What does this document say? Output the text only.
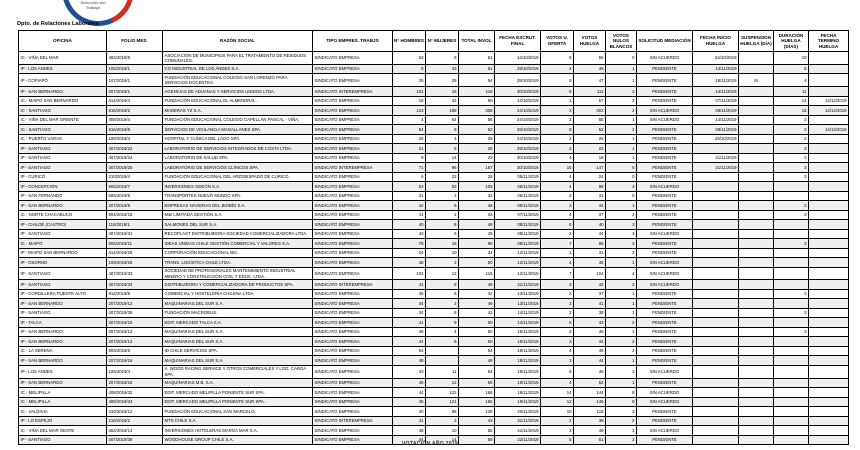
Dirección del
Trabajo
Dpto. de Relaciones Laborales
OFICINA	FOLIO MES.	RAZÓN SOCIAL	TIPO EMPRES. TRABJS	N° HOMBRES	N° MUJERES	TOTAL INVOL	FECHA ESCRUT. FINAL	VOTOS U. OFERTA	VOTOS HUELGA	VOTOS NULOS BLANCOS	SOLICITUD MEDIACIÓN	FECHA INICIO HUELGA	SUSPENSIÓN HUELGA (D/A)	DURACIÓN HUELGA (DÍAS)	FECHA TERMINO HUELGA
IC - VIÑA DEL MAR	402/2019/5	ASOCIACIÓN DE MUNICIPIOS PARA EL TRATAMIENTO DE RESIDUOS COMUNALES.	SINDICATO EMPRESA	53	8	61	14/10/2019	5	56	0	SIN ACUERDO	24/10/2019		10	
IP - LOS ANDES	105/2019/1	CO INDUSTRIAL DE LOS ANDES S.A.	SINDICATO EMPRESA	8	43	51	29/10/2019	4	46	1	PENDIENTE	14/11/2019		6	
IP - COPIAPÓ	107/2019/1	FUNDACIÓN EDUCACIONAL COLEGIO SAN LORENZO PARA SERVICIOS DOCENTES.	SINDICATO EMPRESA	25	29	54	28/10/2019	6	47	1	PENDIENTE	18/11/2019	SI	4	
IP - SAN BERNARDO	207/2019/1	AGENCIAS DE ADUANAS Y SERVICIOS UNIDOS LTDA.	SINDICATO INTEREMPRESA	102	16	118	30/10/2019	5	111	2	PENDIENTE	14/11/2019		11	
IC - MAIPO SAN BERNARDO	414/2019/4	FUNDACIÓN EDUCACIONAL EL ALMENDRAL.	SINDICATO EMPRESA	18	42	60	14/10/2019	1	57	2	PENDIENTE	07/11/2019		14	14/12/2019
IC - SANTIAGO	815/2019/2	MADERAS YZ S.A.	SINDICATO EMPRESA	123	185	308	24/10/2019	3	303	2	SIN ACUERDO	08/11/2019		16	14/12/2019
IC - VIÑA DEL MAR ORIENTE	408/2019/4	FUNDACIÓN EDUCACIONAL COLEGIO CAPELLÁN PASCAL - VIÑA.	SINDICATO EMPRESA	4	54	58	24/10/2019	2	55	1	SIN ACUERDO	14/11/2019		2	
IC - SANTIAGO	816/2019/8	SERVICIOS DE VIGILANCIA MAGALLANES SPA.	SINDICATO EMPRESA	54	8	62	28/10/2019	8	52	2	PENDIENTE	08/11/2019		2	14/12/2019
IC - PUERTO VARAS	108/2019/3	HOSPITAL Y CLÍNICA DEL LAGO SPA.	SINDICATO EMPRESA	25	4	29	24/10/2019	2	26	1	PENDIENTE	25/10/2019		2	
IP - SANTIAGO	407/2019/22	LABORATORIO DE SERVICIOS INTEGRADOS DE COSTA LTDA.	SINDICATO EMPRESA	21	5	26	29/10/2019	2	23	1	PENDIENTE			3	
IP - SANTIAGO	407/2019/24	LABORATORIO DE SALUD SPA.	SINDICATO EMPRESA	9	14	23	30/10/2019	4	18	1	PENDIENTE	21/11/2019		2	
IP - SANTIAGO	407/2019/25	LABORATORIO DE SERVICIOS CLÍNICOS SPA.	SINDICATO INTEREMPRESA	71	96	167	30/10/2019	15	147	5	PENDIENTE	21/11/2019		3	
IP - CURICÓ	210/2019/4	FUNDACIÓN EDUCACIONAL DEL ARZOBISPADO DE CURICÓ.	SINDICATO EMPRESA	6	22	28	05/11/2019	4	24	0	PENDIENTE			2	
IP - CONCEPCIÓN	805/2019/7	INVERSIONES ODEÓN S.A.	SINDICATO EMPRESA	53	52	105	05/11/2019	4	98	3	SIN ACUERDO				
IP - SAN FERNANDO	505/2019/6	TRANSPORTES NUEVO MUNDO SPA.	SINDICATO EMPRESA	31	2	33	06/11/2019	2	31	0	PENDIENTE				
IP - SAN BERNARDO	207/2019/8	EMPRESAS NAVIERAS DEL BIOBÍO S.A.	SINDICATO EMPRESA	42	6	48	06/11/2019	3	44	1	PENDIENTE			2	
IC - NORTE CHACABUCO	804/2019/18	M&I LIMITADA GESTIÓN S.A.	SINDICATO EMPRESA	41	2	43	07/11/2019	4	37	2	PENDIENTE			2	
IP - CHILOÉ (CASTRO)	110/2019/1	SALMONES DEL SUR S.A.	SINDICATO EMPRESA	40	8	48	08/11/2019	5	40	3	PENDIENTE				
IP - SANTIAGO	407/2019/31	RECOPLAST DISTRIBUIDORA SOCIEDAD COMERCIALIZADORA LTDA.	SINDICATO EMPRESA	43	6	49	08/11/2019	2	44	3	SIN ACUERDO				
IC - MAIPO	805/2019/11	IDEAS UNIDAS CHILE GESTIÓN COMERCIAL Y VALORES S.A.	SINDICATO EMPRESA	78	18	96	08/11/2019	7	86	3	PENDIENTE			2	
IP - MAIPO SAN BERNARDO	414/2019/28	CORPORACIÓN EDUCACIONAL BIC.	SINDICATO EMPRESA	24	10	34	12/11/2019	1	31	2	PENDIENTE				
IP - OSORNO	109/2019/26	TRANS. LOGÍSTICA CHILE LTDA.	SINDICATO EMPRESA	48	2	50	12/11/2019	4	45	1	SIN ACUERDO				
IP - SANTIAGO	407/2019/33	SOCIEDAD DE PROFESIONALES MANTENIMIENTO INDUSTRIAL MINERO Y CONSTRUCCIÓN CIVIL Y EDUC. LTDA.	SINDICATO EMPRESA	104	12	116	12/11/2019	7	104	4	SIN ACUERDO				
IP - SANTIAGO	407/2019/34	DISTRIBUIDORA Y COMERCIALIZADORA DE PRODUCTOS SPA.	SINDICATO INTEREMPRESA	41	8	49	21/11/2019	3	42	2	SIN ACUERDO				
IP - CORDILLERA PUENTE ALTO	812/2019/8	COMERCIAL Y HOSTELERÍA CHILENA LTDA.	SINDICATO EMPRESA	36	6	42	13/11/2019	2	37	1	PENDIENTE			2	
IP - SAN BERNARDO	207/2019/12	MAQUINARIAS DEL SUR S.A.	SINDICATO EMPRESA	44	2	46	13/11/2019	3	41	1	PENDIENTE				
IP - SANTIAGO	407/2019/36	FUNDACIÓN MACROBUS.	SINDICATO EMPRESA	34	8	42	14/11/2019	2	38	1	PENDIENTE			2	
IP - TALCA	307/2019/15	EDIT. MERCADO TALCA S.A.	SINDICATO EMPRESA	41	9	50	14/11/2019	5	43	2	PENDIENTE				
IP - SAN BERNARDO	207/2019/13	MAQUINARIAS DEL SUR S.A.	SINDICATO EMPRESA	46	4	50	15/11/2019	2	46	1	PENDIENTE			2	
IP - SAN BERNARDO	207/2019/14	MAQUINARIAS DEL SUR S.A.	SINDICATO EMPRESA	44	6	50	15/11/2019	3	44	2	PENDIENTE				
IC - LA SERENA	803/2019/5	ID CHILE SERVICIOS SPA.	SINDICATO EMPRESA	54		54	18/11/2019	4	48	2	PENDIENTE				
IP - SAN BERNARDO	207/2019/16	MAQUINARIAS DEL SUR S.A.	SINDICATO EMPRESA	48		48	18/11/2019	3	44	1	PENDIENTE				
IP - LOS ANDES	105/2019/4	A. WOOD RACING SERVICE Y OTROS COMERCIALES Y LOG. CARGA SPA.	SINDICATO EMPRESA	43	11	54	19/11/2019	5	46	2	SIN ACUERDO				
IP - SAN BERNARDO	207/2019/18	MAQUINARIAS M.B. S.A.	SINDICATO EMPRESA	46	12	58	19/11/2019	4	52	1	PENDIENTE				
IC - MELIPILLA	408/2019/32	EDIT. MERCADO MELIPILLA PONIENTE SUR SPA.	SINDICATO EMPRESA	44	122	166	19/11/2019	14	144	8	SIN ACUERDO				
IC - MELIPILLA	408/2019/34	EDIT. MERCADO MELIPILLA PONIENTE SUR SPA.	SINDICATO EMPRESA	45	121	166	19/11/2019	12	146	8	SIN ACUERDO				
IC - VALDIVIA	410/2019/12	FUNDACIÓN EDUCACIONAL SAN MARCELO.	SINDICATO EMPRESA	40	88	128	20/11/2019	10	115	3	PENDIENTE				
IP - LO ESPEJO	216/2019/2	MTS CHILE S.A.	SINDICATO INTEREMPRESA	41	2	43	21/11/2019	2	39	2	PENDIENTE				
IC - VIÑA DEL MAR OESTE	402/2019/14	INVERSIONES HOTELERAS MARGA MAR S.A.	SINDICATO EMPRESA	45	10	55	21/11/2019	3	49	3	SIN ACUERDO				
IP - SANTIAGO	407/2019/38	WOODHOUSE GROUP CHILE S.A.	SINDICATO EMPRESA	44	14	58	22/11/2019	5	51	2	PENDIENTE				
VOTACIÓN AÑO 2019
